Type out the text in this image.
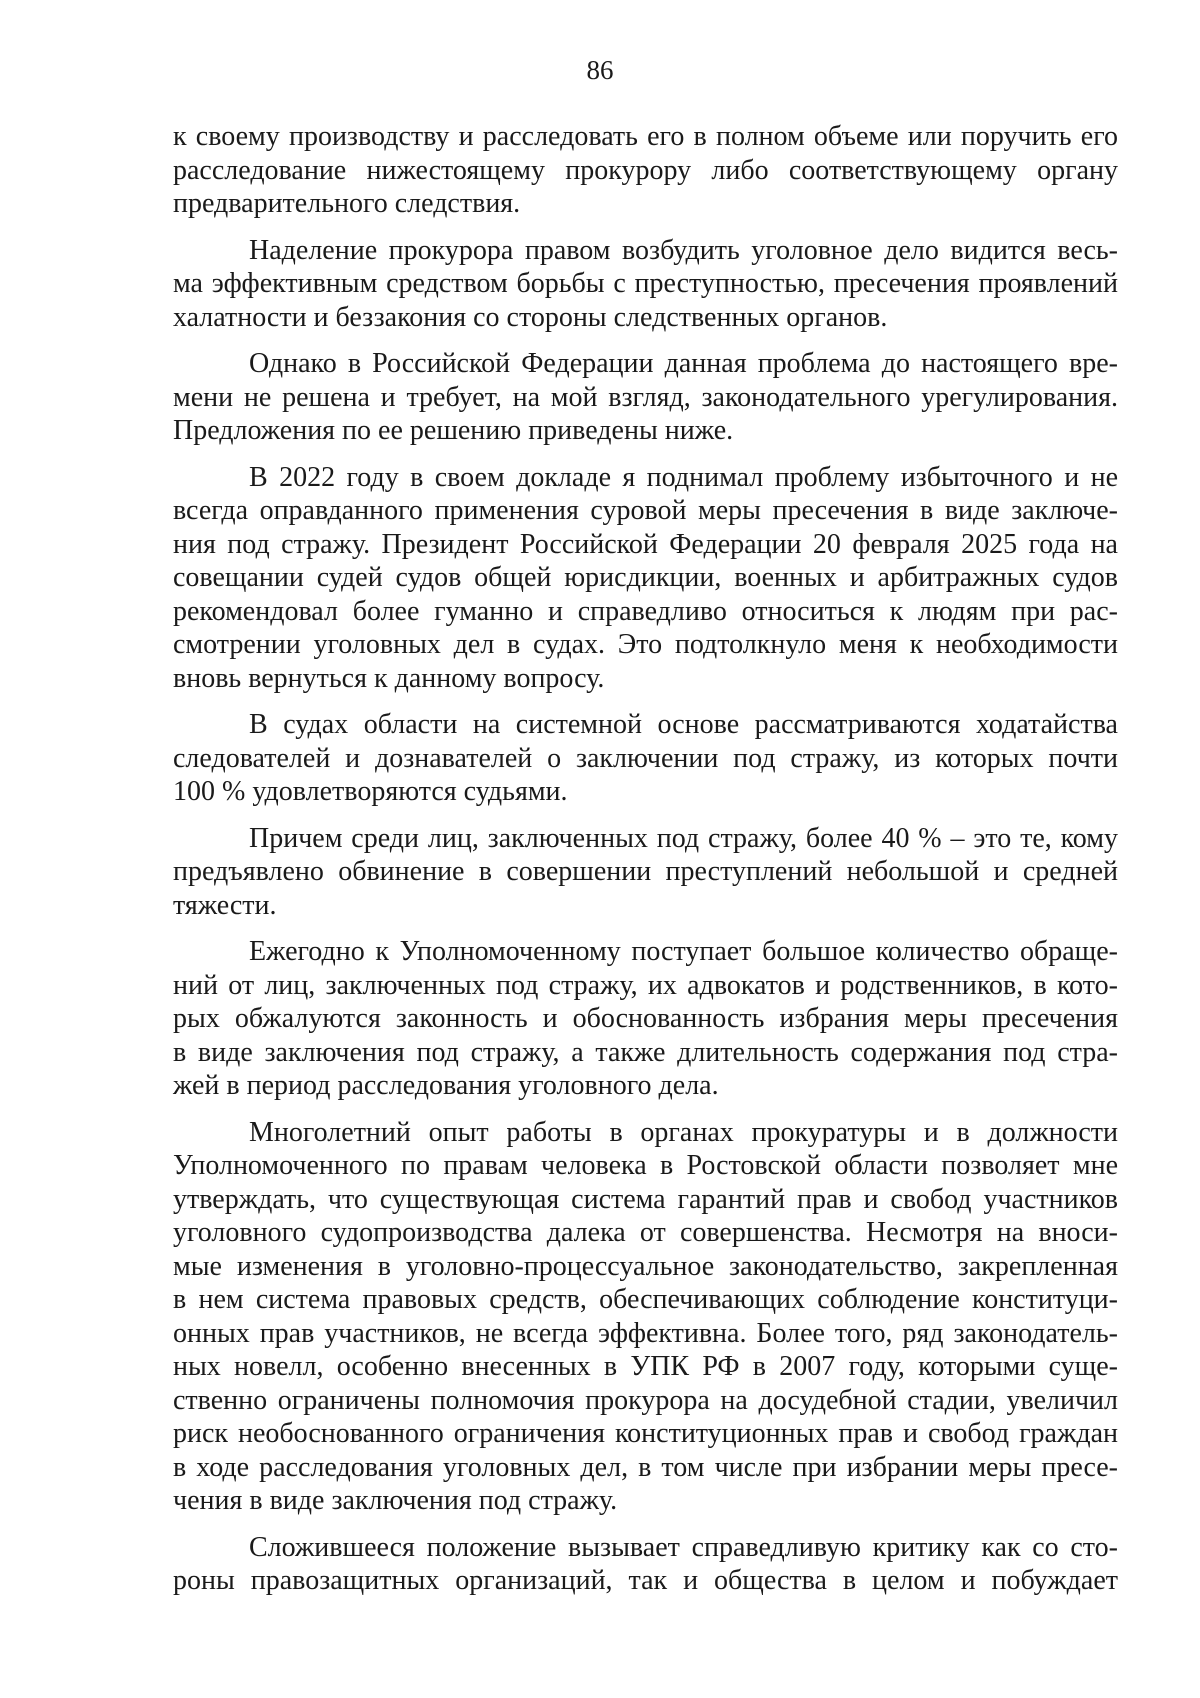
86

к своему производству и расследовать его в полном объеме или поручить его
расследование нижестоящему прокурору либо соответствующему органу
предварительного следствия.
Наделение прокурора правом возбудить уголовное дело видится весь-
ма эффективным средством борьбы с преступностью, пресечения проявлений
халатности и беззакония со стороны следственных органов.
Однако в Российской Федерации данная проблема до настоящего вре-
мени не решена и требует, на мой взгляд, законодательного урегулирования.
Предложения по ее решению приведены ниже.
В 2022 году в своем докладе я поднимал проблему избыточного и не
всегда оправданного применения суровой меры пресечения в виде заключе-
ния под стражу. Президент Российской Федерации 20 февраля 2025 года на
совещании судей судов общей юрисдикции, военных и арбитражных судов
рекомендовал более гуманно и справедливо относиться к людям при рас-
смотрении уголовных дел в судах. Это подтолкнуло меня к необходимости
вновь вернуться к данному вопросу.
В судах области на системной основе рассматриваются ходатайства
следователей и дознавателей о заключении под стражу, из которых почти
100 % удовлетворяются судьями.
Причем среди лиц, заключенных под стражу, более 40 % – это те, кому
предъявлено обвинение в совершении преступлений небольшой и средней
тяжести.
Ежегодно к Уполномоченному поступает большое количество обраще-
ний от лиц, заключенных под стражу, их адвокатов и родственников, в кото-
рых обжалуются законность и обоснованность избрания меры пресечения
в виде заключения под стражу, а также длительность содержания под стра-
жей в период расследования уголовного дела.
Многолетний опыт работы в органах прокуратуры и в должности
Уполномоченного по правам человека в Ростовской области позволяет мне
утверждать, что существующая система гарантий прав и свобод участников
уголовного судопроизводства далека от совершенства. Несмотря на вноси-
мые изменения в уголовно-процессуальное законодательство, закрепленная
в нем система правовых средств, обеспечивающих соблюдение конституци-
онных прав участников, не всегда эффективна. Более того, ряд законодатель-
ных новелл, особенно внесенных в УПК РФ в 2007 году, которыми суще-
ственно ограничены полномочия прокурора на досудебной стадии, увеличил
риск необоснованного ограничения конституционных прав и свобод граждан
в ходе расследования уголовных дел, в том числе при избрании меры пресе-
чения в виде заключения под стражу.
Сложившееся положение вызывает справедливую критику как со сто-
роны правозащитных организаций, так и общества в целом и побуждает
